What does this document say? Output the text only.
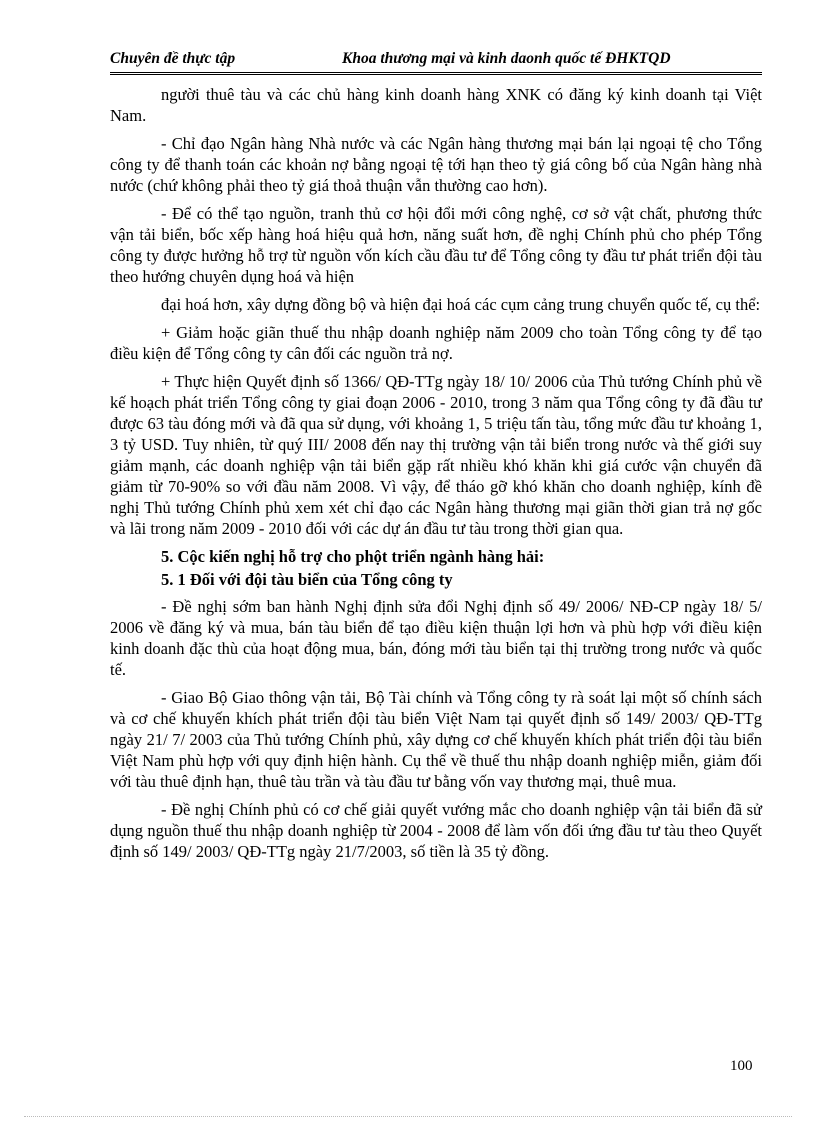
Chuyên đề thực tập	Khoa thương mại và kinh daonh quốc tế ĐHKTQD

người thuê tàu và các chủ hàng kinh doanh hàng XNK có đăng ký kinh doanh tại Việt Nam.

- Chỉ đạo Ngân hàng Nhà nước và các Ngân hàng thương mại bán lại ngoại tệ cho Tổng công ty để thanh toán các khoản nợ bằng ngoại tệ tới hạn theo tỷ giá công bố của Ngân hàng nhà nước (chứ không phải theo tỷ giá thoả thuận vẫn thường cao hơn).

- Để có thể tạo nguồn, tranh thủ cơ hội đổi mới công nghệ, cơ sở vật chất, phương thức vận tải biển, bốc xếp hàng hoá hiệu quả hơn, năng suất hơn, đề nghị Chính phủ cho phép Tổng công ty được hưởng hỗ trợ từ nguồn vốn kích cầu đầu tư để Tổng công ty đầu tư phát triển đội tàu theo hướng chuyên dụng hoá và hiện

đại hoá hơn, xây dựng đồng bộ và hiện đại hoá các cụm cảng trung chuyển quốc tế, cụ thể:

+ Giảm hoặc giãn thuế thu nhập doanh nghiệp năm 2009 cho toàn Tổng công ty để tạo điều kiện để Tổng công ty cân đối các nguồn trả nợ.

+ Thực hiện Quyết định số 1366/ QĐ-TTg ngày 18/ 10/ 2006 của Thủ tướng Chính phủ về kế hoạch phát triển Tổng công ty giai đoạn 2006 - 2010, trong 3 năm qua Tổng công ty đã đầu tư được 63 tàu đóng mới và đã qua sử dụng, với khoảng 1, 5 triệu tấn tàu, tổng mức đầu tư khoảng 1, 3 tỷ USD. Tuy nhiên, từ quý III/ 2008 đến nay thị trường vận tải biển trong nước và thế giới suy giảm mạnh, các doanh nghiệp vận tải biển gặp rất nhiều khó khăn khi giá cước vận chuyển đã giảm từ 70-90% so với đầu năm 2008. Vì vậy, để tháo gỡ khó khăn cho doanh nghiệp, kính đề nghị Thủ tướng Chính phủ xem xét chỉ đạo các Ngân hàng thương mại giãn thời gian trả nợ gốc và lãi trong năm 2009 - 2010 đối với các dự án đầu tư tàu trong thời gian qua.

5. Cộc kiến nghị hỗ trợ cho phột triển ngành hàng hải:

5. 1 Đối với đội tàu biển của Tổng công ty

- Đề nghị sớm ban hành Nghị định sửa đổi Nghị định số 49/ 2006/ NĐ-CP ngày 18/ 5/ 2006 về đăng ký và mua, bán tàu biển để tạo điều kiện thuận lợi hơn và phù hợp với điều kiện kinh doanh đặc thù của hoạt động mua, bán, đóng mới tàu biển tại thị trường trong nước và quốc tế.

- Giao Bộ Giao thông vận tải, Bộ Tài chính và Tổng công ty rà soát lại một số chính sách và cơ chế khuyến khích phát triển đội tàu biển Việt Nam tại quyết định số 149/ 2003/ QĐ-TTg ngày 21/ 7/ 2003 của Thủ tướng Chính phủ, xây dựng cơ chế khuyến khích phát triển đội tàu biển Việt Nam phù hợp với quy định hiện hành. Cụ thể về thuế thu nhập doanh nghiệp miễn, giảm đối với tàu thuê định hạn, thuê tàu trần và tàu đầu tư bằng vốn vay thương mại, thuê mua.

- Đề nghị Chính phủ có cơ chế giải quyết vướng mắc cho doanh nghiệp vận tải biển đã sử dụng nguồn thuế thu nhập doanh nghiệp từ 2004 - 2008 để làm vốn đối ứng đầu tư tàu theo Quyết định số 149/ 2003/ QĐ-TTg ngày 21/7/2003, số tiền là 35 tỷ đồng.

100
